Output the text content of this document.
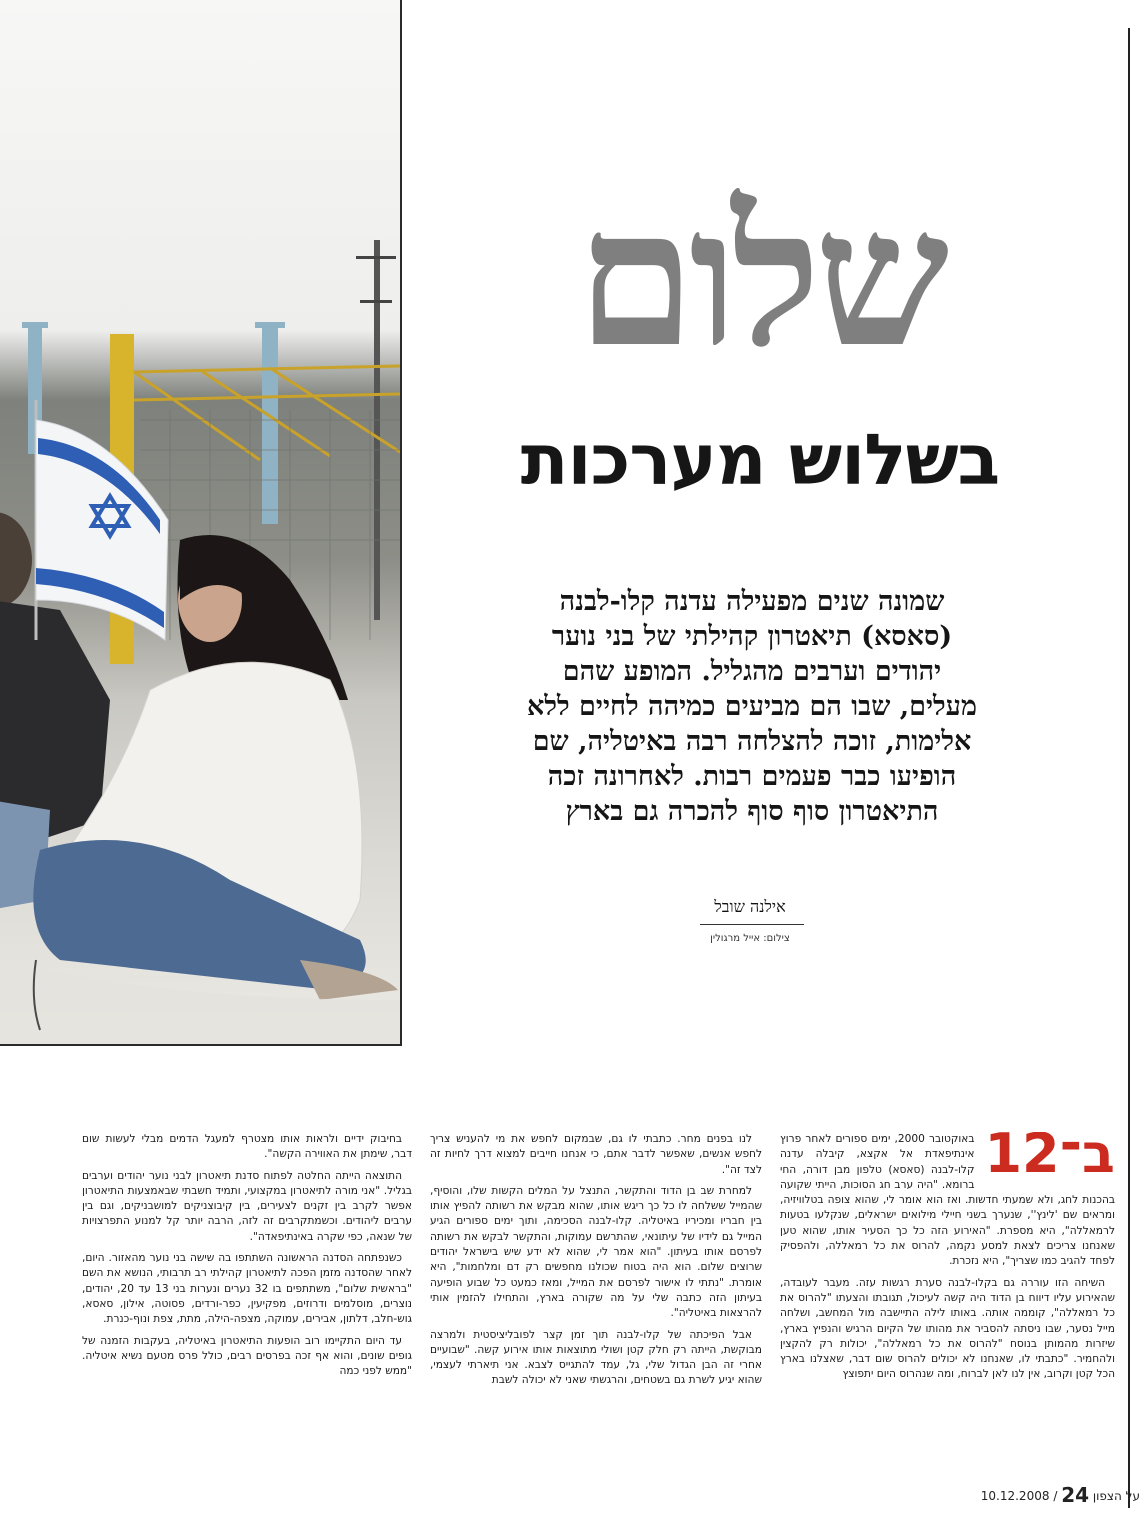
שלום
בשלוש מערכות
שמונה שנים מפעילה עדנה קלו-לבנה
(סאסא) תיאטרון קהילתי של בני נוער
יהודים וערבים מהגליל. המופע שהם
מעלים, שבו הם מביעים כמיהה לחיים ללא
אלימות, זוכה להצלחה רבה באיטליה, שם
הופיעו כבר פעמים רבות. לאחרונה זכה
התיאטרון סוף סוף להכרה גם בארץ
אילנה שובל
צילום: אייל מרגולין
ב־12

באוקטובר 2000, ימים ספורים לאחר פרוץ אינתיפאדת אל אקצא, קיבלה עדנה קלו-לבנה (סאסא) טלפון מבן דורה, החי ברומא. "היה ערב חג הסוכות, הייתי שקועה בהכנות לחג, ולא שמעתי חדשות. ואז הוא אומר לי, שהוא צופה בטלוויזיה, ומראים שם 'לינץ'', שנערך בשני חיילי מילואים ישראלים, שנקלעו בטעות לרמאללה", היא מספרת. "האירוע הזה כל כך הסעיר אותו, שהוא טען שאנחנו צריכים לצאת למסע נקמה, להרוס את כל רמאללה, ולהפסיק לפחד להגיב כמו שצריך", היא נזכרת.

השיחה הזו עוררה גם בקלו-לבנה סערת רגשות עזה. מעבר לעובדה, שהאירוע עליו דיווח בן הדוד היה קשה לעיכול, תגובתו והצעתו "להרוס את כל רמאללה", קוממה אותה. באותו לילה התיישבה מול המחשב, ושלחה מייל נסער, שבו ניסתה להסביר את מהותו של הקיום הרגיש והנפיץ בארץ, שיזרות מהמותן בנוסח "להרוס את כל רמאללה", יכולות רק להקצין ולהחמיר. "כתבתי לו, שאנחנו לא יכולים להרוס שום דבר, שאצלנו בארץ הכל קטן וקרוב, אין לנו לאן לברוח, ומה שנהרוס היום יתפוצץ

לנו בפנים מחר. כתבתי לו גם, שבמקום לחפש את מי להעניש צריך לחפש אנשים, שאפשר לדבר אתם, כי אנחנו חייבים למצוא דרך לחיות זה לצד זה".

למחרת שב בן הדוד והתקשר, התנצל על המלים הקשות שלו, והוסיף, שהמייל ששלחה לו כל כך ריגש אותו, שהוא מבקש את רשותה להפיץ אותו בין חבריו ומכיריו באיטליה. קלו-לבנה הסכימה, ותוך ימים ספורים הגיע המייל גם לידיו של עיתונאי, שהתרשם עמוקות, והתקשר לבקש את רשותה לפרסם אותו בעיתון. "הוא אמר לי, שהוא לא ידע שיש בישראל יהודים שרוצים שלום. הוא היה בטוח שכולנו מחפשים רק דם ומלחמות", היא אומרת. "נתתי לו אישור לפרסם את המייל, ומאז כמעט כל שבוע הופיעה בעיתון הזה כתבה שלי על מה שקורה בארץ, והתחילו להזמין אותי להרצאות באיטליה".

אבל הפיכתה של קלו-לבנה תוך זמן קצר לפובליציסטית ולמרצה מבוקשת, הייתה רק חלק קטן ושולי מתוצאות אותו אירוע קשה. "שבועיים אחרי זה הבן הגדול שלי, גל, עמד להתגייס לצבא. אני תיארתי לעצמי, שהוא יגיע לשרת גם בשטחים, והרגשתי שאני לא יכולה לשבת

בחיבוק ידיים ולראות אותו מצטרף למעגל הדמים מבלי לעשות שום דבר, שימתן את האווירה הקשה".

התוצאה הייתה החלטה לפתוח סדנת תיאטרון לבני נוער יהודים וערבים בגליל. "אני מורה לתיאטרון במקצועי, ותמיד חשבתי שבאמצעות התיאטרון אפשר לקרב בין זקנים לצעירים, בין קיבוצניקים למושבניקים, וגם בין ערבים ליהודים. וכשמתקרבים זה לזה, הרבה יותר קל למנוע התפרצויות של שנאה, כפי שקרה באינתיפאדה".

כשנפתחה הסדנה הראשונה השתתפו בה שישה בני נוער מהאזור. היום, לאחר שהסדנה מזמן הפכה לתיאטרון קהילתי רב תרבותי, הנושא את השם "בראשית שלום", משתתפים בו 32 נערים ונערות בני 13 עד 20, יהודים, נוצרים, מוסלמים ודרוזים, מפקיעין, כפר-ורדים, פסוטה, אילון, סאסא, גוש-חלב, דלתון, אבירים, עמוקה, מצפה-הילה, מתת, צפת ונוף-כנרת.

עד היום התקיימו רוב הופעות התיאטרון באיטליה, בעקבות הזמנה של גופים שונים, והוא אף זכה בפרסים רבים, כולל פרס מטעם נשיא איטליה. "ממש לפני כמה

10.12.2008 /	על הצפון 24
